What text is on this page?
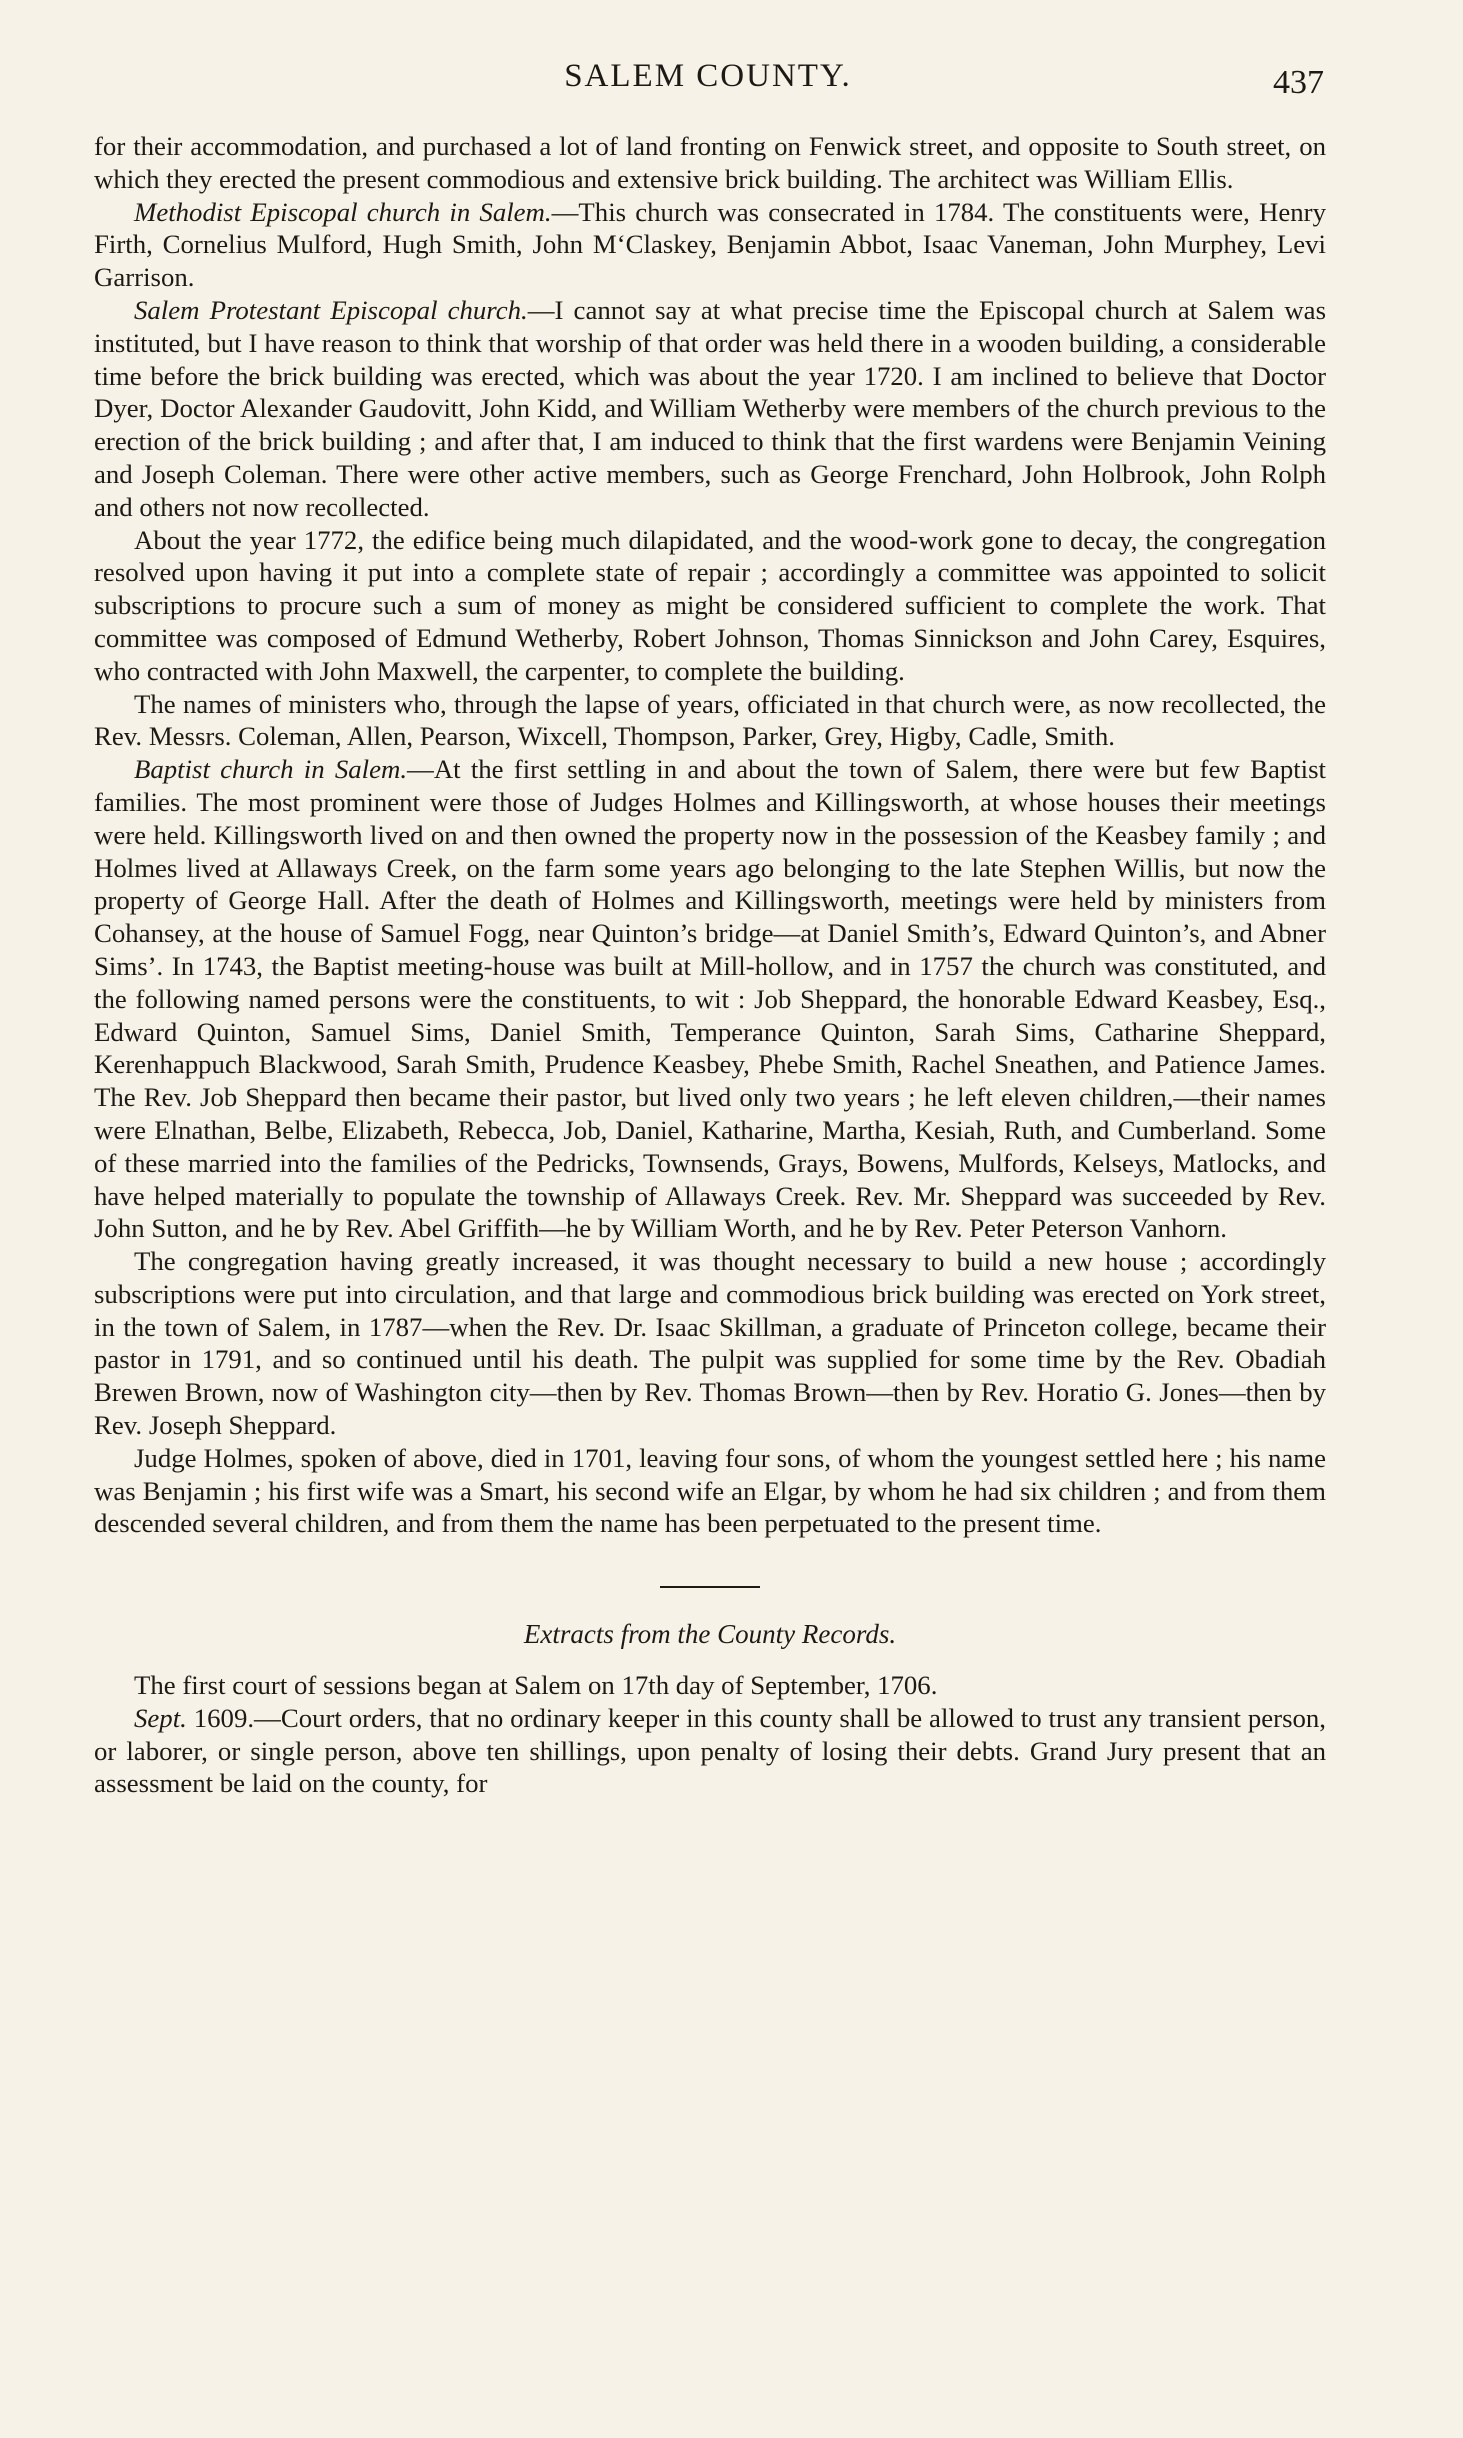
SALEM COUNTY.	437

for their accommodation, and purchased a lot of land fronting on Fenwick street, and opposite to South street, on which they erected the present commodious and extensive brick building. The architect was William Ellis.

Methodist Episcopal church in Salem.—This church was consecrated in 1784. The constituents were, Henry Firth, Cornelius Mulford, Hugh Smith, John M‘Claskey, Benjamin Abbot, Isaac Vaneman, John Murphey, Levi Garrison.

Salem Protestant Episcopal church.—I cannot say at what precise time the Episcopal church at Salem was instituted, but I have reason to think that worship of that order was held there in a wooden building, a considerable time before the brick building was erected, which was about the year 1720. I am inclined to believe that Doctor Dyer, Doctor Alexander Gaudovitt, John Kidd, and William Wetherby were members of the church previous to the erection of the brick building ; and after that, I am induced to think that the first wardens were Benjamin Veining and Joseph Coleman. There were other active members, such as George Frenchard, John Holbrook, John Rolph and others not now recollected.

About the year 1772, the edifice being much dilapidated, and the wood-work gone to decay, the congregation resolved upon having it put into a complete state of repair ; accordingly a committee was appointed to solicit subscriptions to procure such a sum of money as might be considered sufficient to complete the work. That committee was composed of Edmund Wetherby, Robert Johnson, Thomas Sinnickson and John Carey, Esquires, who contracted with John Maxwell, the carpenter, to complete the building.

The names of ministers who, through the lapse of years, officiated in that church were, as now recollected, the Rev. Messrs. Coleman, Allen, Pearson, Wixcell, Thompson, Parker, Grey, Higby, Cadle, Smith.

Baptist church in Salem.—At the first settling in and about the town of Salem, there were but few Baptist families. The most prominent were those of Judges Holmes and Killingsworth, at whose houses their meetings were held. Killingsworth lived on and then owned the property now in the possession of the Keasbey family ; and Holmes lived at Allaways Creek, on the farm some years ago belonging to the late Stephen Willis, but now the property of George Hall. After the death of Holmes and Killingsworth, meetings were held by ministers from Cohansey, at the house of Samuel Fogg, near Quinton’s bridge—at Daniel Smith’s, Edward Quinton’s, and Abner Sims’. In 1743, the Baptist meeting-house was built at Mill-hollow, and in 1757 the church was constituted, and the following named persons were the constituents, to wit : Job Sheppard, the honorable Edward Keasbey, Esq., Edward Quinton, Samuel Sims, Daniel Smith, Temperance Quinton, Sarah Sims, Catharine Sheppard, Kerenhappuch Blackwood, Sarah Smith, Prudence Keasbey, Phebe Smith, Rachel Sneathen, and Patience James. The Rev. Job Sheppard then became their pastor, but lived only two years ; he left eleven children,—their names were Elnathan, Belbe, Elizabeth, Rebecca, Job, Daniel, Katharine, Martha, Kesiah, Ruth, and Cumberland. Some of these married into the families of the Pedricks, Townsends, Grays, Bowens, Mulfords, Kelseys, Matlocks, and have helped materially to populate the township of Allaways Creek. Rev. Mr. Sheppard was succeeded by Rev. John Sutton, and he by Rev. Abel Griffith—he by William Worth, and he by Rev. Peter Peterson Vanhorn.

The congregation having greatly increased, it was thought necessary to build a new house ; accordingly subscriptions were put into circulation, and that large and commodious brick building was erected on York street, in the town of Salem, in 1787—when the Rev. Dr. Isaac Skillman, a graduate of Princeton college, became their pastor in 1791, and so continued until his death. The pulpit was supplied for some time by the Rev. Obadiah Brewen Brown, now of Washington city—then by Rev. Thomas Brown—then by Rev. Horatio G. Jones—then by Rev. Joseph Sheppard.

Judge Holmes, spoken of above, died in 1701, leaving four sons, of whom the youngest settled here ; his name was Benjamin ; his first wife was a Smart, his second wife an Elgar, by whom he had six children ; and from them descended several children, and from them the name has been perpetuated to the present time.

Extracts from the County Records.

The first court of sessions began at Salem on 17th day of September, 1706.

Sept. 1609.—Court orders, that no ordinary keeper in this county shall be allowed to trust any transient person, or laborer, or single person, above ten shillings, upon penalty of losing their debts. Grand Jury present that an assessment be laid on the county, for
